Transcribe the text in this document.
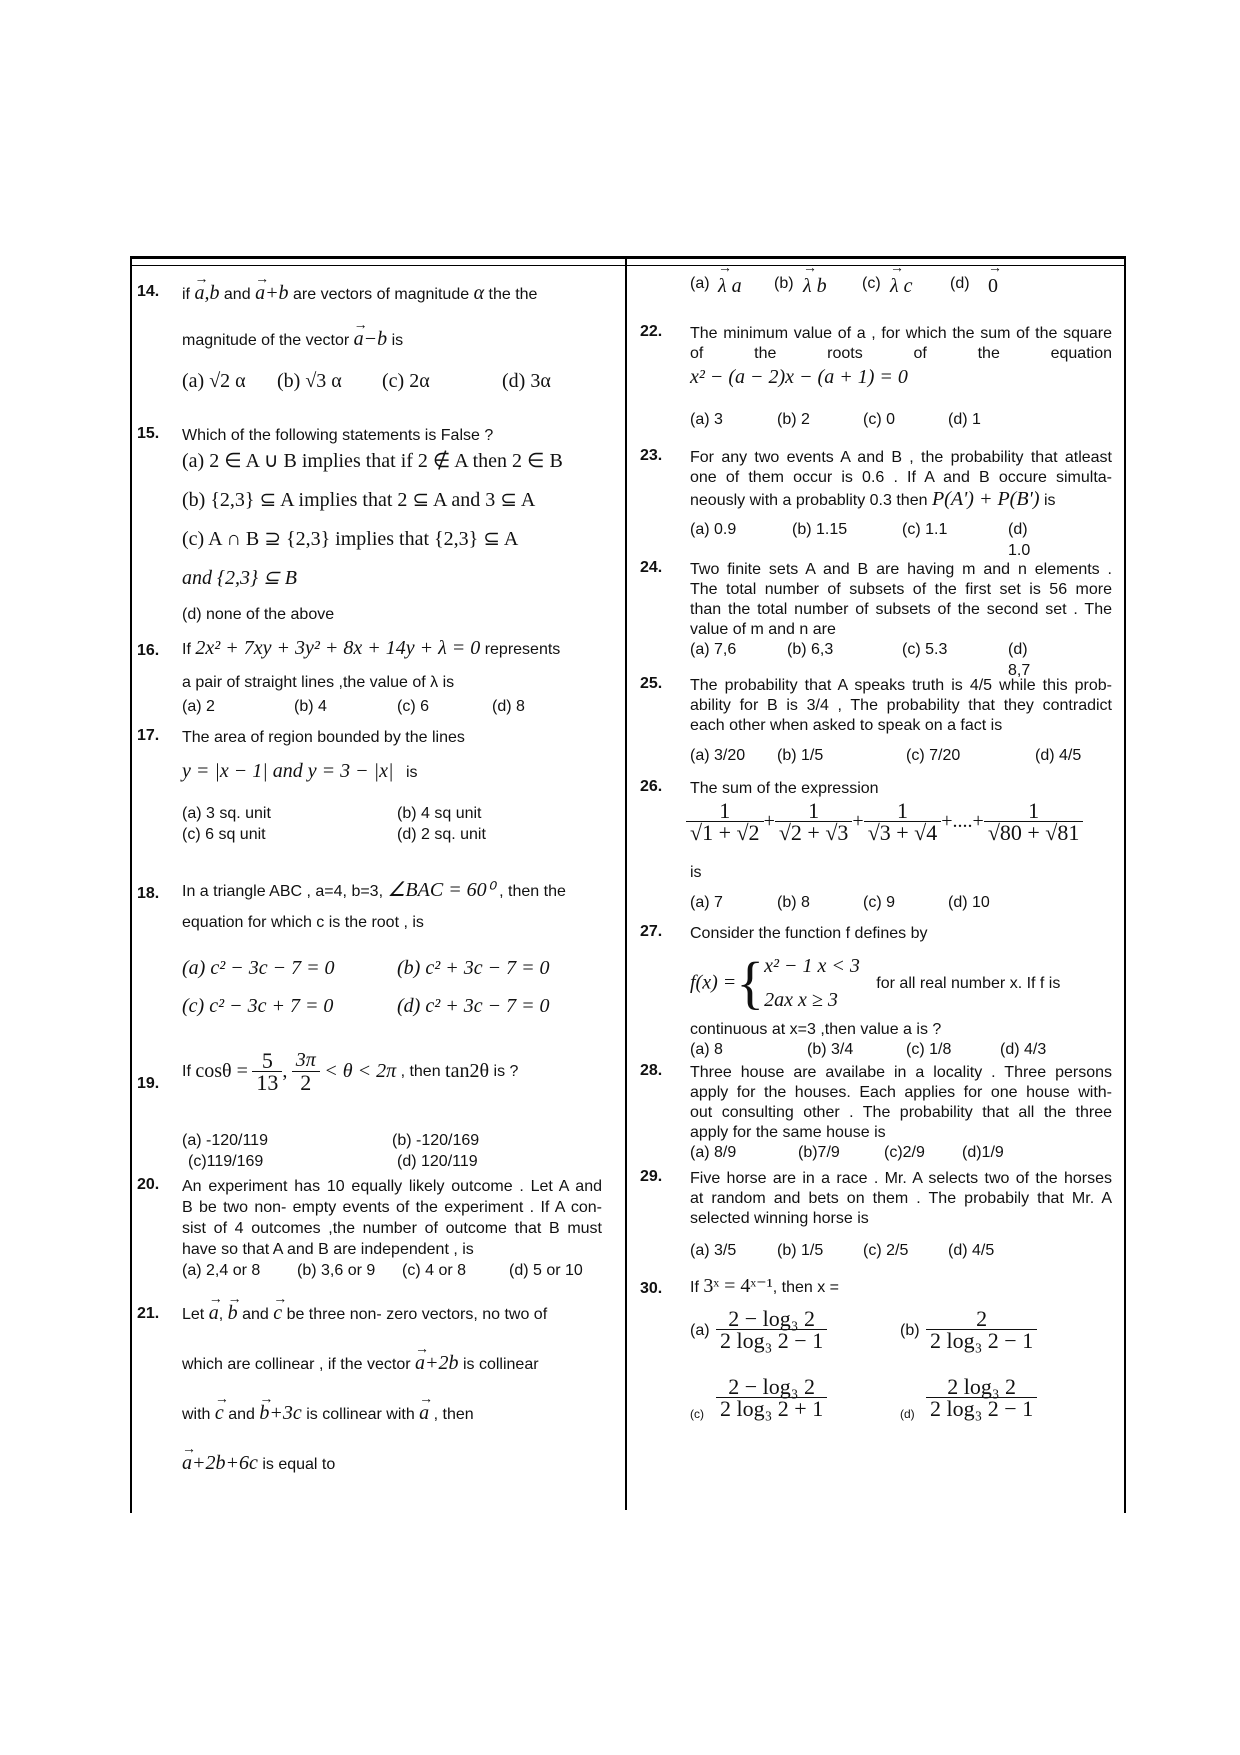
14. if → a,b and → a+b are vectors of magnitude α the the
magnitude of the vector → a−b is
(a) √2 α (b) √3 α (c) 2α	(d) 3α
15. Which of the following statements is False ?
(a) 2 ∈ A ∪ B implies that if 2 ∉ A then 2 ∈ B
(b) {2,3} ⊆ A implies that 2 ⊆ A and 3 ⊆ A
(c) A ∩ B ⊇ {2,3} implies that {2,3} ⊆ A
and {2,3} ⊆ B
(d) none of the above
16. If 2x² + 7xy + 3y² + 8x + 14y + λ = 0 represents
a pair of straight lines ,the value of λ is
(a) 2	(b) 4	(c) 6	(d) 8
17. The area of region bounded by the lines
y = |x − 1| and y = 3 − |x| is
(a) 3 sq. unit	(b) 4 sq unit
(c) 6 sq unit	(d) 2 sq. unit
18. In a triangle ABC , a=4, b=3, ∠BAC = 60⁰ , then the
equation for which c is the root , is
(a) c² − 3c − 7 = 0	(b) c² + 3c − 7 = 0
(c) c² − 3c + 7 = 0	(d) c² + 3c − 7 = 0
19.
If $\cos\theta = \frac{5}{13}$ , $\frac{3\pi}{2} < \theta < 2\pi$ , then tan2θ is ?
(a) -120/119	(b) -120/169
(c)119/169	(d) 120/119
20. An experiment has 10 equally likely outcome . Let A and
B be two non- empty events of the experiment . If A con-
sist of 4 outcomes ,the number of outcome that B must
have so that A and B are independent , is
(a) 2,4 or 8 (b) 3,6 or 9 (c) 4 or 8	(d) 5 or 10
21. Let → a, → b and → c be three non- zero vectors, no two of
which are collinear , if the vector → a+2b is collinear
with → c and → b+3c is collinear with → a , then
→ a+2b+6c is equal to
(a) → λ a (b) → λ b (c) → λ c (d) → 0
22. The minimum value of a , for which the sum of the square
of the roots of the equation
x² − (a − 2)x − (a + 1) = 0
(a) 3	(b) 2	(c) 0	(d) 1
23. For any two events A and B , the probability that atleast
one of them occur is 0.6 . If A and B occure simulta-
neously with a probablity 0.3 then P(A') + P(B') is
(a) 0.9	(b) 1.15	(c) 1.1	(d) 1.0
24. Two finite sets A and B are having m and n elements .
The total number of subsets of the first set is 56 more
than the total number of subsets of the second set . The
value of m and n are
(a) 7,6	(b) 6,3	(c) 5.3	(d) 8,7
25. The probability that A speaks truth is 4/5 while this prob-
ability for B is 3/4 , The probability that they contradict
each other when asked to speak on a fact is
(a) 3/20 (b) 1/5	(c) 7/20	(d) 4/5
26. The sum of the expression
$\frac{1}{√1 + √2} + \frac{1}{√2 + √3} + \frac{1}{√3 + √4}$ +....+ $\frac{1}{√80 + √81}$
is
(a) 7	(b) 8	(c) 9	(d) 10
27. Consider the function f defines by
f(x) ={ x² − 1 x < 3
2ax x ≥ 3
for all real number x. If f is
continuous at x=3 ,then value a is ?
(a) 8	(b) 3/4	(c) 1/8	(d) 4/3
28. Three house are availabe in a locality . Three persons
apply for the houses. Each applies for one house with-
out consulting other . The probability that all the three
apply for the same house is
(a) 8/9	(b)7/9	(c)2/9 (d)1/9
29. Five horse are in a race . Mr. A selects two of the horses
at random and bets on them . The probabily that Mr. A
selected winning horse is
(a) 3/5	(b) 1/5 (c) 2/5 (d) 4/5
30. If 3ˣ = 4ˣ⁻¹, then x =
$(a) \frac{\text{2 − log₃ 2}}{\text{2 log₃ 2 − 1}}$	$(b) \frac{2}{\text{2 log₃ 2 − 1}}$
$(c) \frac{\text{2 − log₃ 2}}{\text{2 log₃ 2 + 1}}$	$(d) \frac{\text{2 log₃ 2}}{\text{2 log₃ 2 − 1}}$
